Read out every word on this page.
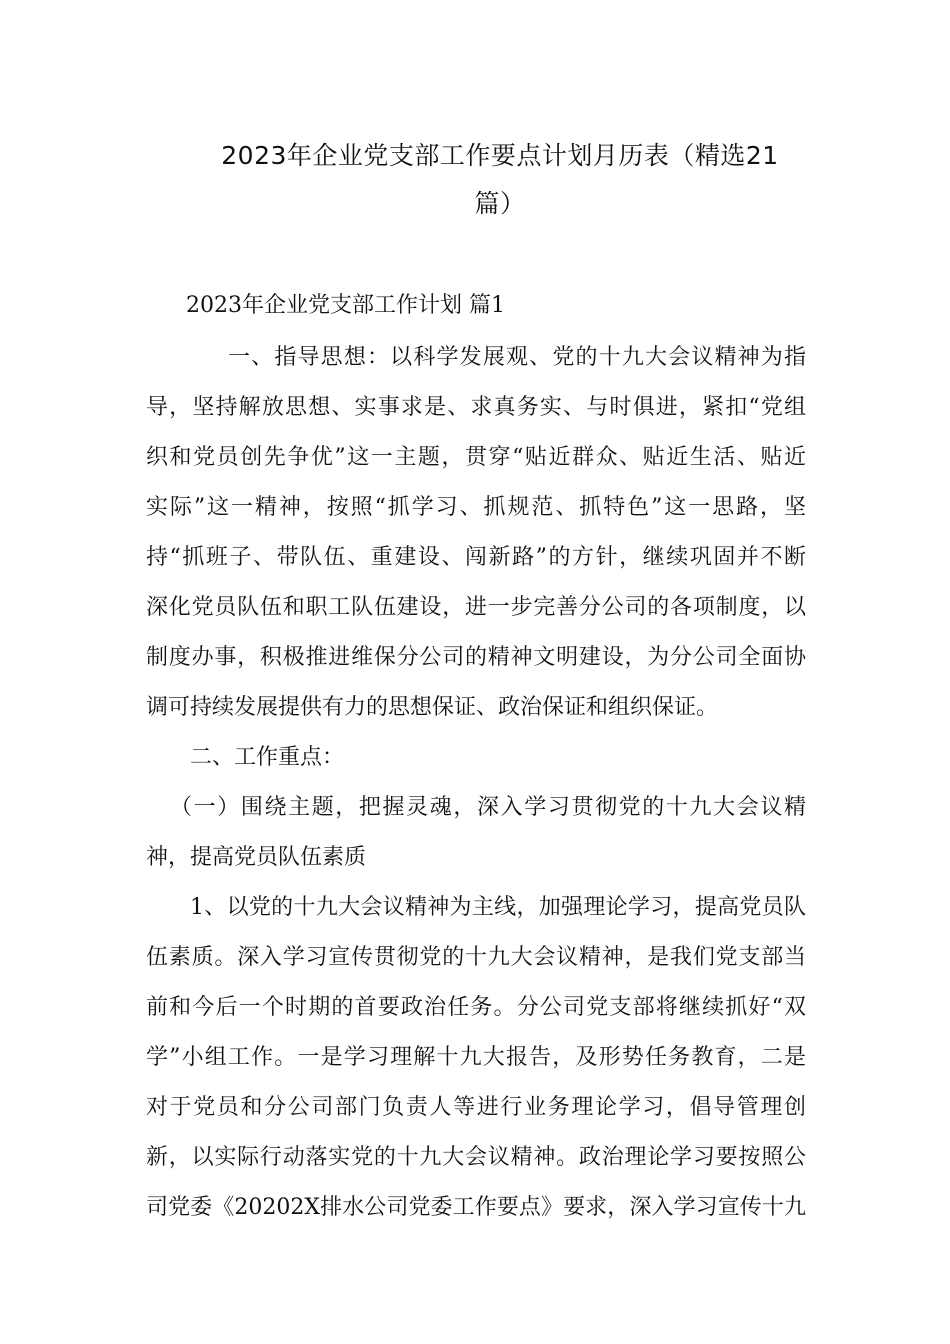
2023年企业党支部工作要点计划月历表（精选21
篇）
2023年企业党支部工作计划 篇1
一、指导思想：以科学发展观、党的十九大会议精神为指
导，坚持解放思想、实事求是、求真务实、与时俱进，紧扣“党组
织和党员创先争优”这一主题，贯穿“贴近群众、贴近生活、贴近
实际”这一精神，按照“抓学习、抓规范、抓特色”这一思路，坚
持“抓班子、带队伍、重建设、闯新路”的方针，继续巩固并不断
深化党员队伍和职工队伍建设，进一步完善分公司的各项制度，以
制度办事，积极推进维保分公司的精神文明建设，为分公司全面协
调可持续发展提供有力的思想保证、政治保证和组织保证。
二、工作重点：
（一）围绕主题，把握灵魂，深入学习贯彻党的十九大会议精
神，提高党员队伍素质
1、以党的十九大会议精神为主线，加强理论学习，提高党员队
伍素质。深入学习宣传贯彻党的十九大会议精神，是我们党支部当
前和今后一个时期的首要政治任务。分公司党支部将继续抓好“双
学”小组工作。一是学习理解十九大报告，及形势任务教育，二是
对于党员和分公司部门负责人等进行业务理论学习，倡导管理创
新，以实际行动落实党的十九大会议精神。政治理论学习要按照公
司党委《20202X排水公司党委工作要点》要求，深入学习宣传十九
